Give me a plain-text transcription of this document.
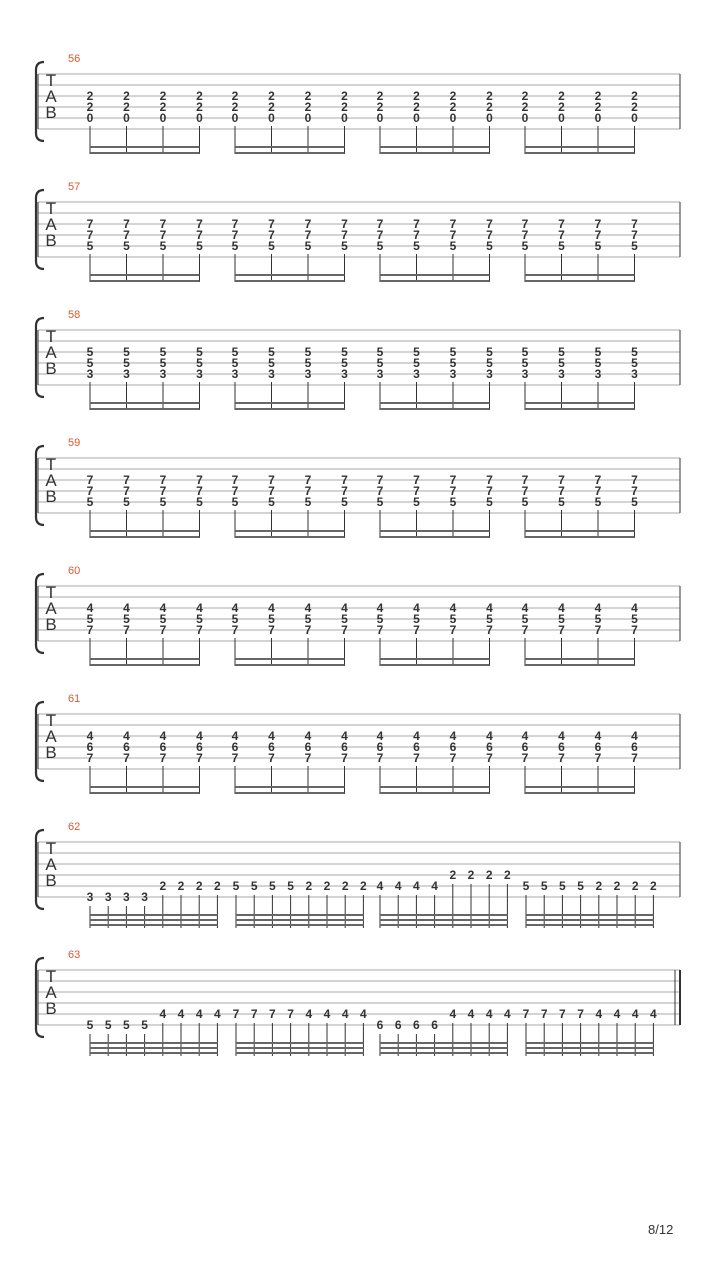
56
T
A
B
2
2
0
2
2
0
2
2
0
2
2
0
2
2
0
2
2
0
2
2
0
2
2
0
2
2
0
2
2
0
2
2
0
2
2
0
2
2
0
2
2
0
2
2
0
2
2
0
57
T
A
B
7
7
5
7
7
5
7
7
5
7
7
5
7
7
5
7
7
5
7
7
5
7
7
5
7
7
5
7
7
5
7
7
5
7
7
5
7
7
5
7
7
5
7
7
5
7
7
5
58
T
A
B
5
5
3
5
5
3
5
5
3
5
5
3
5
5
3
5
5
3
5
5
3
5
5
3
5
5
3
5
5
3
5
5
3
5
5
3
5
5
3
5
5
3
5
5
3
5
5
3
59
T
A
B
7
7
5
7
7
5
7
7
5
7
7
5
7
7
5
7
7
5
7
7
5
7
7
5
7
7
5
7
7
5
7
7
5
7
7
5
7
7
5
7
7
5
7
7
5
7
7
5
60
T
A
B
4
5
7
4
5
7
4
5
7
4
5
7
4
5
7
4
5
7
4
5
7
4
5
7
4
5
7
4
5
7
4
5
7
4
5
7
4
5
7
4
5
7
4
5
7
4
5
7
61
T
A
B
4
6
7
4
6
7
4
6
7
4
6
7
4
6
7
4
6
7
4
6
7
4
6
7
4
6
7
4
6
7
4
6
7
4
6
7
4
6
7
4
6
7
4
6
7
4
6
7
62
T
A
B
3 3 3 3
2 2 2 2 5 5 5 5 2 2 2 2 4 4 4 4
2 2 2 2
5 5 5 5 2 2 2 2
63
T
A
B
5 5 5 5
4 4 4 4 7 7 7 7 4 4 4 4
6 6 6 6
4 4 4 4 7 7 7 7 4 4 4 4
8/12
